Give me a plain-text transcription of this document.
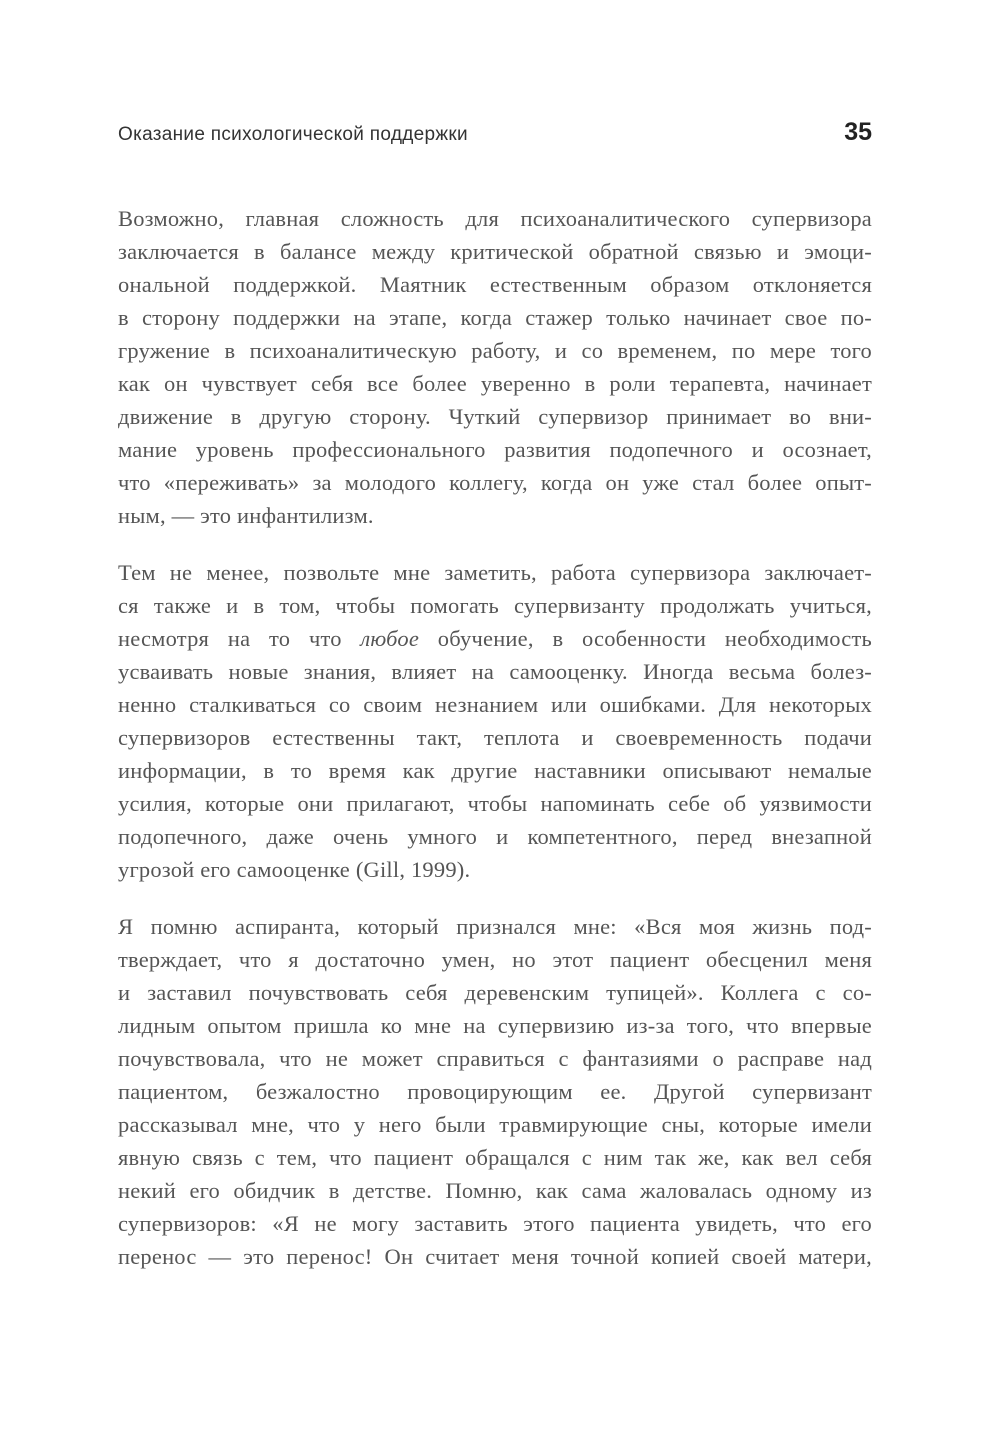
Оказание психологической поддержки	35
Возможно, главная сложность для психоаналитического супервизора
заключается в балансе между критической обратной связью и эмоци-
ональной поддержкой. Маятник естественным образом отклоняется
в сторону поддержки на этапе, когда стажер только начинает свое по-
гружение в психоаналитическую работу, и со временем, по мере того
как он чувствует себя все более уверенно в роли терапевта, начинает
движение в другую сторону. Чуткий супервизор принимает во вни-
мание уровень профессионального развития подопечного и осознает,
что «переживать» за молодого коллегу, когда он уже стал более опыт-
ным, — это инфантилизм.
Тем не менее, позвольте мне заметить, работа супервизора заключает-
ся также и в том, чтобы помогать супервизанту продолжать учиться,
несмотря на то что любое обучение, в особенности необходимость
усваивать новые знания, влияет на самооценку. Иногда весьма болез-
ненно сталкиваться со своим незнанием или ошибками. Для некоторых
супервизоров естественны такт, теплота и своевременность подачи
информации, в то время как другие наставники описывают немалые
усилия, которые они прилагают, чтобы напоминать себе об уязвимости
подопечного, даже очень умного и компетентного, перед внезапной
угрозой его самооценке (Gill, 1999).
Я помню аспиранта, который признался мне: «Вся моя жизнь под-
тверждает, что я достаточно умен, но этот пациент обесценил меня
и заставил почувствовать себя деревенским тупицей». Коллега с со-
лидным опытом пришла ко мне на супервизию из-за того, что впервые
почувствовала, что не может справиться с фантазиями о расправе над
пациентом, безжалостно провоцирующим ее. Другой супервизант
рассказывал мне, что у него были травмирующие сны, которые имели
явную связь с тем, что пациент обращался с ним так же, как вел себя
некий его обидчик в детстве. Помню, как сама жаловалась одному из
супервизоров: «Я не могу заставить этого пациента увидеть, что его
перенос — это перенос! Он считает меня точной копией своей матери,
